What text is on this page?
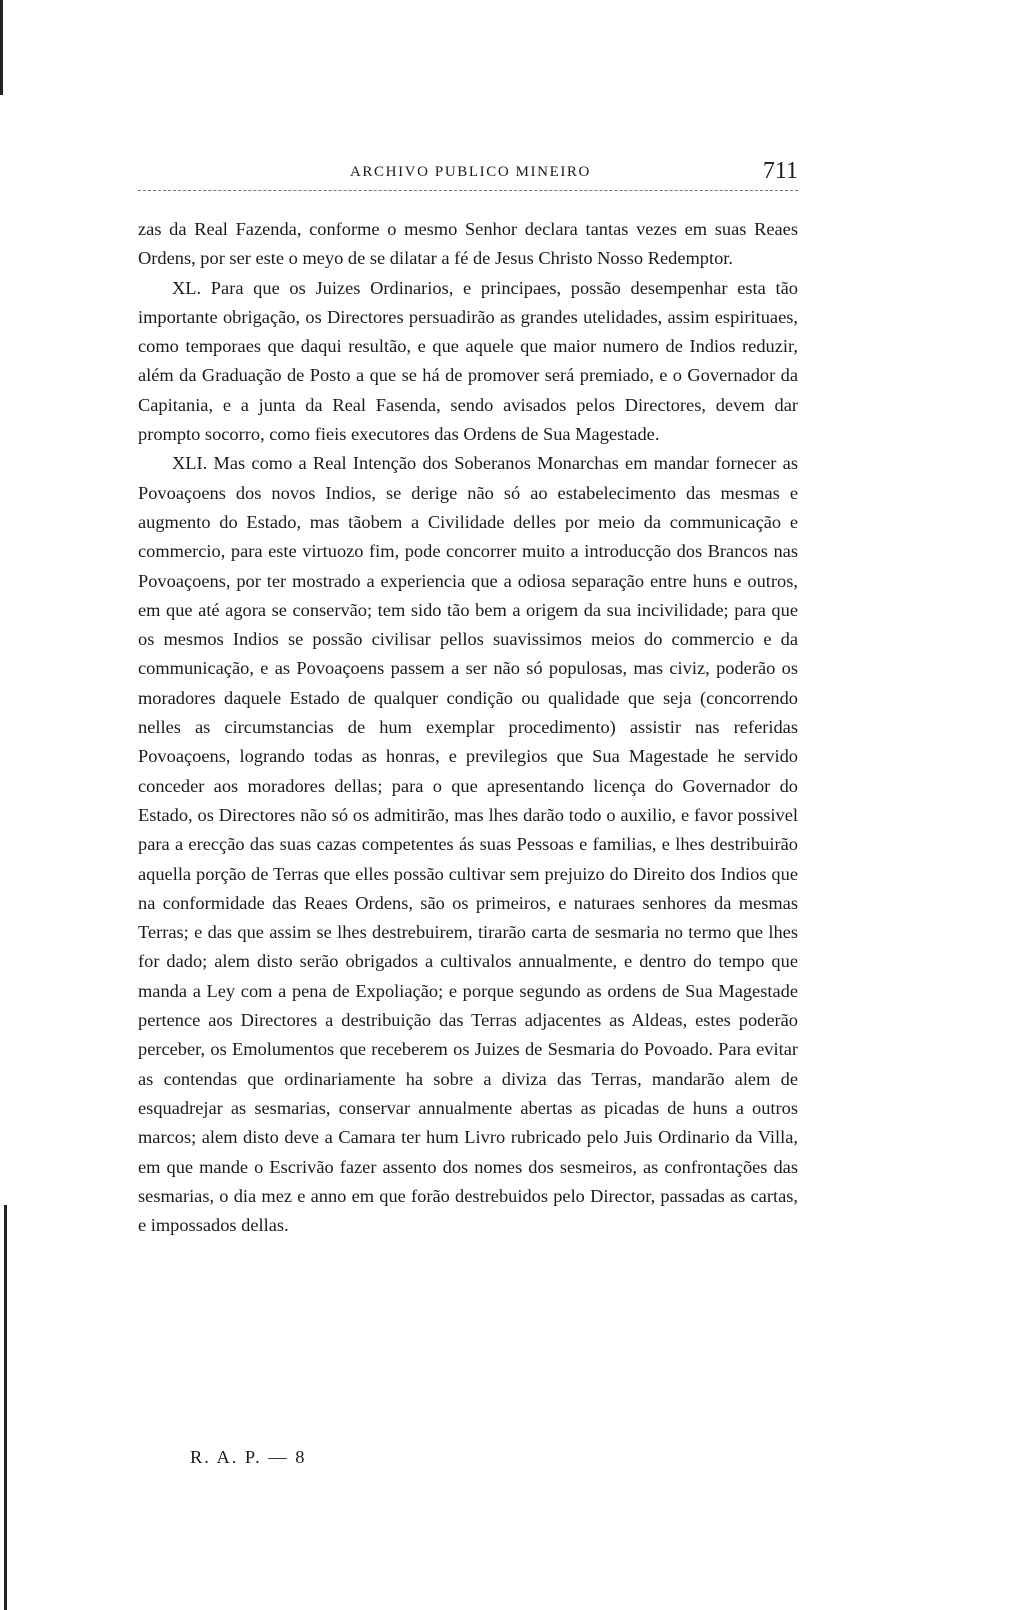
ARCHIVO PUBLICO MINEIRO	711

zas da Real Fazenda, conforme o mesmo Senhor declara tantas vezes em suas Reaes Ordens, por ser este o meyo de se dilatar a fé de Jesus Christo Nosso Redemptor.

XL. Para que os Juizes Ordinarios, e principaes, possão desempenhar esta tão importante obrigação, os Directores persuadirão as grandes utelidades, assim espirituaes, como temporaes que daqui resultão, e que aquele que maior numero de Indios reduzir, além da Graduação de Posto a que se há de promover será premiado, e o Governador da Capitania, e a junta da Real Fasenda, sendo avisados pelos Directores, devem dar prompto socorro, como fieis executores das Ordens de Sua Magestade.

XLI. Mas como a Real Intenção dos Soberanos Monarchas em mandar fornecer as Povoaçoens dos novos Indios, se derige não só ao estabelecimento das mesmas e augmento do Estado, mas tãobem a Civilidade delles por meio da communicação e commercio, para este virtuozo fim, pode concorrer muito a introducção dos Brancos nas Povoaçoens, por ter mostrado a experiencia que a odiosa separação entre huns e outros, em que até agora se conservão; tem sido tão bem a origem da sua incivilidade; para que os mesmos Indios se possão civilisar pellos suavissimos meios do commercio e da communicação, e as Povoaçoens passem a ser não só populosas, mas civiz, poderão os moradores daquele Estado de qualquer condição ou qualidade que seja (concorrendo nelles as circumstancias de hum exemplar procedimento) assistir nas referidas Povoaçoens, logrando todas as honras, e previlegios que Sua Magestade he servido conceder aos moradores dellas; para o que apresentando licença do Governador do Estado, os Directores não só os admitirão, mas lhes darão todo o auxilio, e favor possivel para a erecção das suas cazas competentes ás suas Pessoas e familias, e lhes destribuirão aquella porção de Terras que elles possão cultivar sem prejuizo do Direito dos Indios que na conformidade das Reaes Ordens, são os primeiros, e naturaes senhores da mesmas Terras; e das que assim se lhes destrebuirem, tirarão carta de sesmaria no termo que lhes for dado; alem disto serão obrigados a cultivalos annualmente, e dentro do tempo que manda a Ley com a pena de Expoliação; e porque segundo as ordens de Sua Magestade pertence aos Directores a destribuição das Terras adjacentes as Aldeas, estes poderão perceber, os Emolumentos que receberem os Juizes de Sesmaria do Povoado. Para evitar as contendas que ordinariamente ha sobre a diviza das Terras, mandarão alem de esquadrejar as sesmarias, conservar annualmente abertas as picadas de huns a outros marcos; alem disto deve a Camara ter hum Livro rubricado pelo Juis Ordinario da Villa, em que mande o Escrivão fazer assento dos nomes dos sesmeiros, as confrontações das sesmarias, o dia mez e anno em que forão destrebuidos pelo Director, passadas as cartas, e impossados dellas.

R. A. P. — 8
